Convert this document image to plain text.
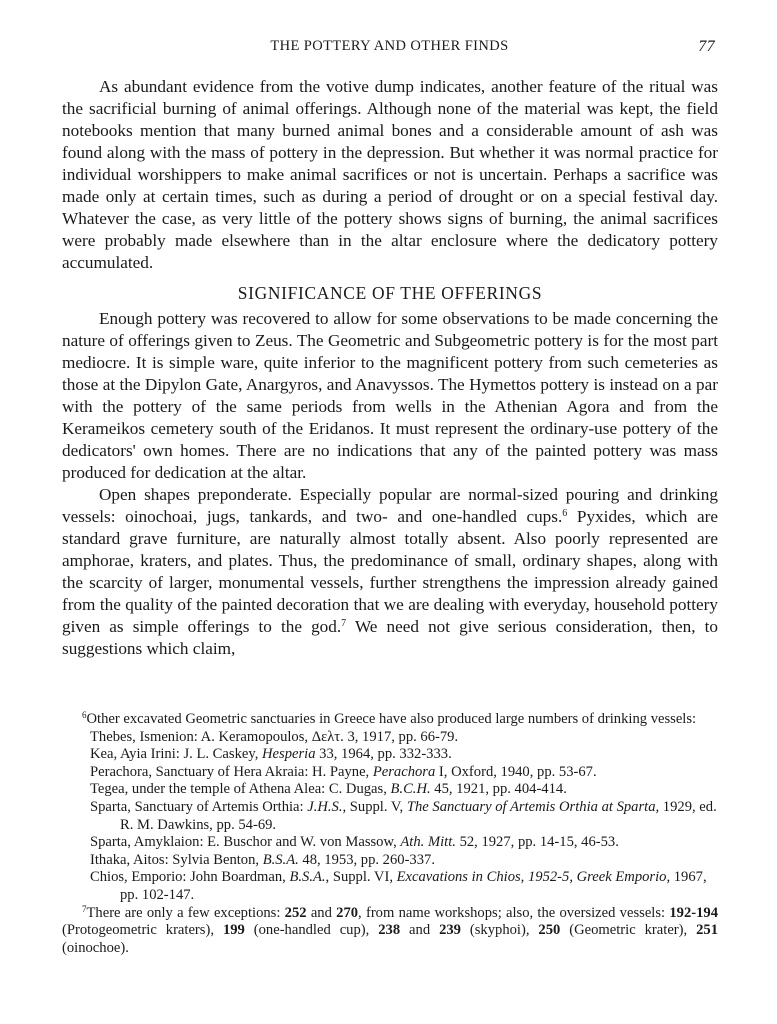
THE POTTERY AND OTHER FINDS	77

As abundant evidence from the votive dump indicates, another feature of the ritual was the sacrificial burning of animal offerings. Although none of the material was kept, the field notebooks mention that many burned animal bones and a considerable amount of ash was found along with the mass of pottery in the depression. But whether it was normal practice for individual worshippers to make animal sacrifices or not is uncertain. Perhaps a sacrifice was made only at certain times, such as during a period of drought or on a special festival day. Whatever the case, as very little of the pottery shows signs of burning, the animal sacrifices were probably made elsewhere than in the altar enclosure where the dedicatory pottery accumulated.

SIGNIFICANCE OF THE OFFERINGS

Enough pottery was recovered to allow for some observations to be made concerning the nature of offerings given to Zeus. The Geometric and Subgeometric pottery is for the most part mediocre. It is simple ware, quite inferior to the magnificent pottery from such cemeteries as those at the Dipylon Gate, Anargyros, and Anavyssos. The Hymettos pottery is instead on a par with the pottery of the same periods from wells in the Athenian Agora and from the Kerameikos cemetery south of the Eridanos. It must represent the ordinary-use pottery of the dedicators' own homes. There are no indications that any of the painted pottery was mass produced for dedication at the altar.

Open shapes preponderate. Especially popular are normal-sized pouring and drinking vessels: oinochoai, jugs, tankards, and two- and one-handled cups.$^6$ Pyxides, which are standard grave furniture, are naturally almost totally absent. Also poorly represented are amphorae, kraters, and plates. Thus, the predominance of small, ordinary shapes, along with the scarcity of larger, monumental vessels, further strengthens the impression already gained from the quality of the painted decoration that we are dealing with everyday, household pottery given as simple offerings to the god.$^7$ We need not give serious consideration, then, to suggestions which claim,

$^6$Other excavated Geometric sanctuaries in Greece have also produced large numbers of drinking vessels:

Thebes, Ismenion: A. Keramopoulos, Δελτ. 3, 1917, pp. 66-79.

Kea, Ayia Irini: J. L. Caskey, Hesperia 33, 1964, pp. 332-333.

Perachora, Sanctuary of Hera Akraia: H. Payne, Perachora I, Oxford, 1940, pp. 53-67.

Tegea, under the temple of Athena Alea: C. Dugas, B.C.H. 45, 1921, pp. 404-414.

Sparta, Sanctuary of Artemis Orthia: J.H.S., Suppl. V, The Sanctuary of Artemis Orthia at Sparta, 1929, ed. R. M. Dawkins, pp. 54-69.

Sparta, Amyklaion: E. Buschor and W. von Massow, Ath. Mitt. 52, 1927, pp. 14-15, 46-53.

Ithaka, Aitos: Sylvia Benton, B.S.A. 48, 1953, pp. 260-337.

Chios, Emporio: John Boardman, B.S.A., Suppl. VI, Excavations in Chios, 1952-5, Greek Emporio, 1967, pp. 102-147.

$^7$There are only a few exceptions: 252 and 270, from name workshops; also, the oversized vessels: 192-194 (Protogeometric kraters), 199 (one-handled cup), 238 and 239 (skyphoi), 250 (Geometric krater), 251 (oinochoe).
